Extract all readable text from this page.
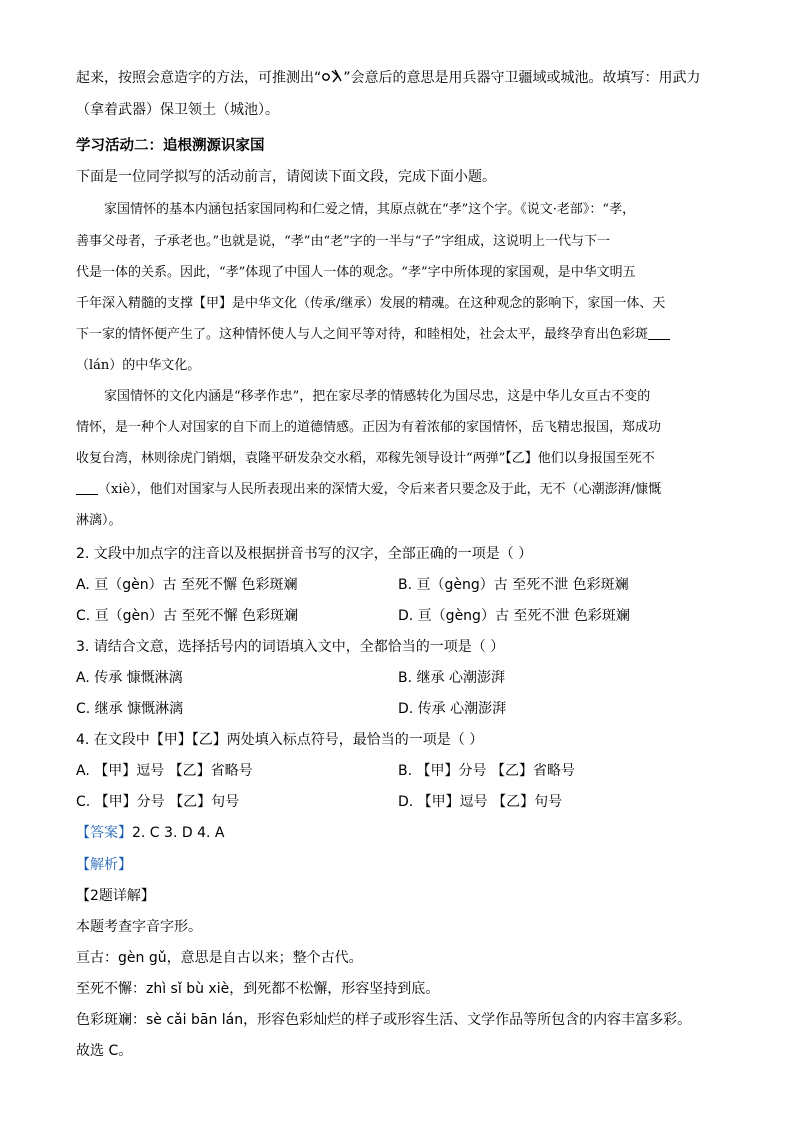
起来，按照会意造字的方法，可推测出“ ”会意后的意思是用兵器守卫疆域或城池。故填写：用武力
（拿着武器）保卫领土（城池）。
学习活动二：追根溯源识家国
下面是一位同学拟写的活动前言，请阅读下面文段，完成下面小题。
家国情怀的基本内涵包括家国同构和仁爱之情，其原点就在“孝”这个字。《说文·老部》：“孝，
善事父母者，子承老也。”也就是说，“孝”由“老”字的一半与“子”字组成，这说明上一代与下一
代是一体的关系。因此，“孝”体现了中国人一体的观念。“孝”字中所体现的家国观，是中华文明五
千年深入精髓的支撑【甲】是中华文化（传承/继承）发展的精魂。在这种观念的影响下，家国一体、天
下一家的情怀便产生了。这种情怀使人与人之间平等对待，和睦相处，社会太平，最终孕育出色彩斑
（lán）的中华文化。
家国情怀的文化内涵是“移孝作忠”，把在家尽孝的情感转化为国尽忠，这是中华儿女亘古不变的
情怀，是一种个人对国家的自下而上的道德情感。正因为有着浓郁的家国情怀，岳飞精忠报国，郑成功
收复台湾，林则徐虎门销烟，袁隆平研发杂交水稻，邓稼先领导设计“两弹”【乙】他们以身报国至死不
（xiè），他们对国家与人民所表现出来的深情大爱，令后来者只要念及于此，无不（心潮澎湃/慷慨
淋漓）。
2. 文段中加点字的注音以及根据拼音书写的汉字，全部正确的一项是（ ）
A. 亘（gèn）古 至死不懈 色彩斑斓	B. 亘（gèng）古 至死不泄 色彩斑斓
C. 亘（gèn）古 至死不懈 色彩斑斓	D. 亘（gèng）古 至死不泄 色彩斑斓
3. 请结合文意，选择括号内的词语填入文中，全都恰当的一项是（ ）
A. 传承 慷慨淋漓	B. 继承 心潮澎湃
C. 继承 慷慨淋漓	D. 传承 心潮澎湃
4. 在文段中【甲】【乙】两处填入标点符号，最恰当的一项是（ ）
A. 【甲】逗号 【乙】省略号	B. 【甲】分号 【乙】省略号
C. 【甲】分号 【乙】句号	D. 【甲】逗号 【乙】句号
【答案】2. C 3. D 4. A
【解析】
【2题详解】
本题考查字音字形。
亘古：gèn gǔ，意思是自古以来；整个古代。
至死不懈：zhì sǐ bù xiè，到死都不松懈，形容坚持到底。
色彩斑斓：sè cǎi bān lán，形容色彩灿烂的样子或形容生活、文学作品等所包含的内容丰富多彩。
故选 C。
